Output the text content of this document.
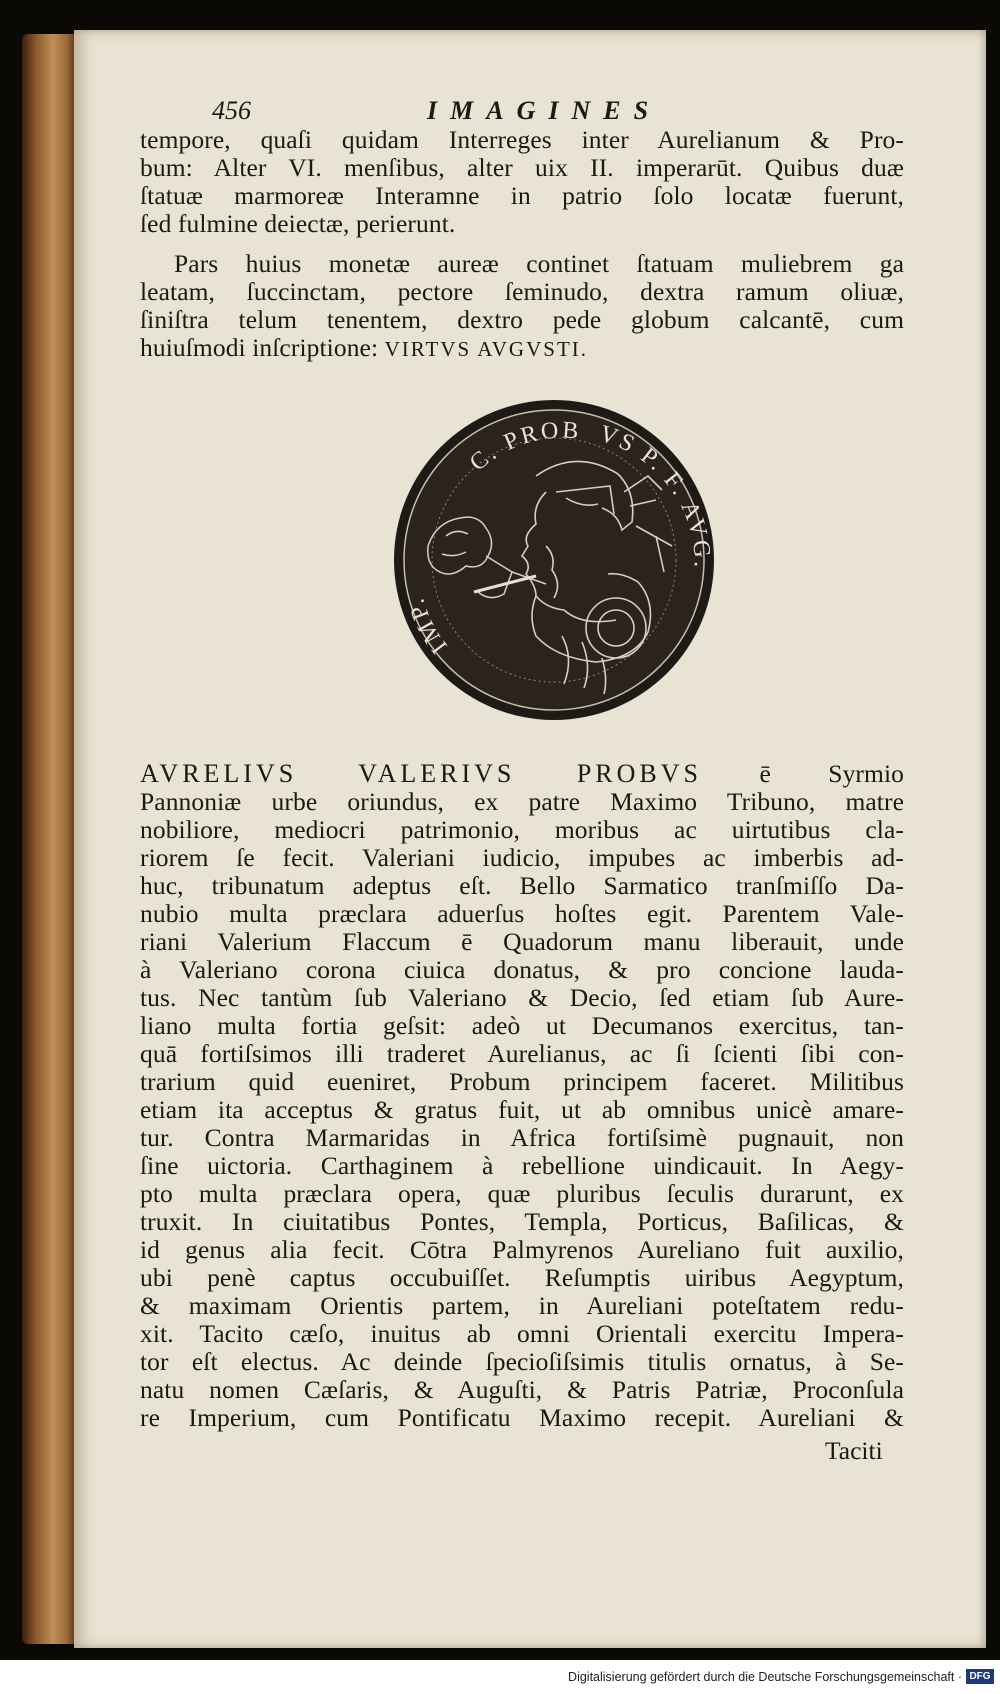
456	IMAGINES
tempore, quaſi quidam Interreges inter Aurelianum & Pro-
bum: Alter VI. menſibus, alter uix II. imperarūt. Quibus duæ
ſtatuæ marmoreæ Interamne in patrio ſolo locatæ fuerunt,
ſed fulmine deiectæ, perierunt.
Pars huius monetæ aureæ continet ſtatuam muliebrem ga
leatam, ſuccinctam, pectore ſeminudo, dextra ramum oliuæ,
ſiniſtra telum tenentem, dextro pede globum calcantē, cum
huiuſmodi inſcriptione: VIRTVS AVGVSTI.
IMP.
C. PROB VS P. F. AVG.
AVRELIVS VALERIVS PROBVS ē Syrmio
Pannoniæ urbe oriundus, ex patre Maximo Tribuno, matre
nobiliore, mediocri patrimonio, moribus ac uirtutibus cla-
riorem ſe fecit. Valeriani iudicio, impubes ac imberbis ad-
huc, tribunatum adeptus eſt. Bello Sarmatico tranſmiſſo Da-
nubio multa præclara aduerſus hoſtes egit. Parentem Vale-
riani Valerium Flaccum ē Quadorum manu liberauit, unde
à Valeriano corona ciuica donatus, & pro concione lauda-
tus. Nec tantùm ſub Valeriano & Decio, ſed etiam ſub Aure-
liano multa fortia geſsit: adeò ut Decumanos exercitus, tan-
quā fortiſsimos illi traderet Aurelianus, ac ſi ſcienti ſibi con-
trarium quid eueniret, Probum principem faceret. Militibus
etiam ita acceptus & gratus fuit, ut ab omnibus unicè amare-
tur. Contra Marmaridas in Africa fortiſsimè pugnauit, non
ſine uictoria. Carthaginem à rebellione uindicauit. In Aegy-
pto multa præclara opera, quæ pluribus ſeculis durarunt, ex
truxit. In ciuitatibus Pontes, Templa, Porticus, Baſilicas, &
id genus alia fecit. Cōtra Palmyrenos Aureliano fuit auxilio,
ubi penè captus occubuiſſet. Reſumptis uiribus Aegyptum,
& maximam Orientis partem, in Aureliani poteſtatem redu-
xit. Tacito cæſo, inuitus ab omni Orientali exercitu Impera-
tor eſt electus. Ac deinde ſpecioſiſsimis titulis ornatus, à Se-
natu nomen Cæſaris, & Auguſti, & Patris Patriæ, Proconſula
re Imperium, cum Pontificatu Maximo recepit. Aureliani &
Taciti
Digitalisierung gefördert durch die Deutsche Forschungsgemeinschaft · DFG
